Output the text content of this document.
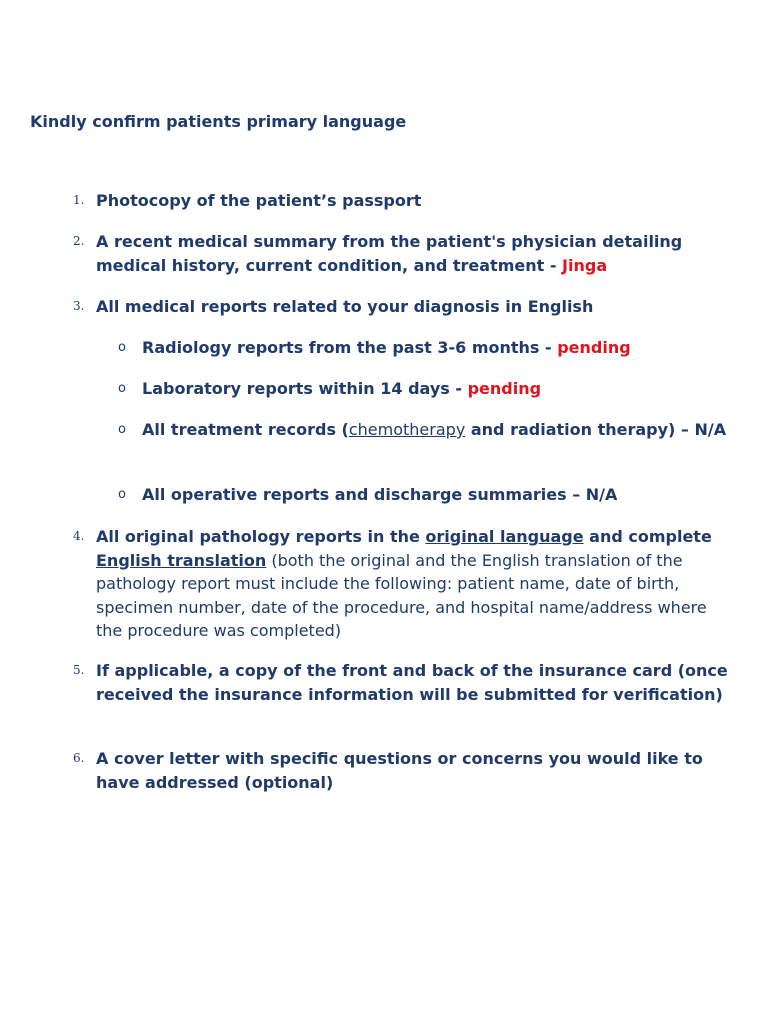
Kindly confirm patients primary language
1. Photocopy of the patient’s passport
2. A recent medical summary from the patient's physician detailing medical history, current condition, and treatment - Jinga
3. All medical reports related to your diagnosis in English
o Radiology reports from the past 3-6 months - pending
o Laboratory reports within 14 days - pending
o All treatment records (chemotherapy and radiation therapy) – N/A
o All operative reports and discharge summaries – N/A
4. All original pathology reports in the original language and complete English translation (both the original and the English translation of the pathology report must include the following: patient name, date of birth, specimen number, date of the procedure, and hospital name/address where the procedure was completed)
5. If applicable, a copy of the front and back of the insurance card (once received the insurance information will be submitted for verification)
6. A cover letter with specific questions or concerns you would like to have addressed (optional)
